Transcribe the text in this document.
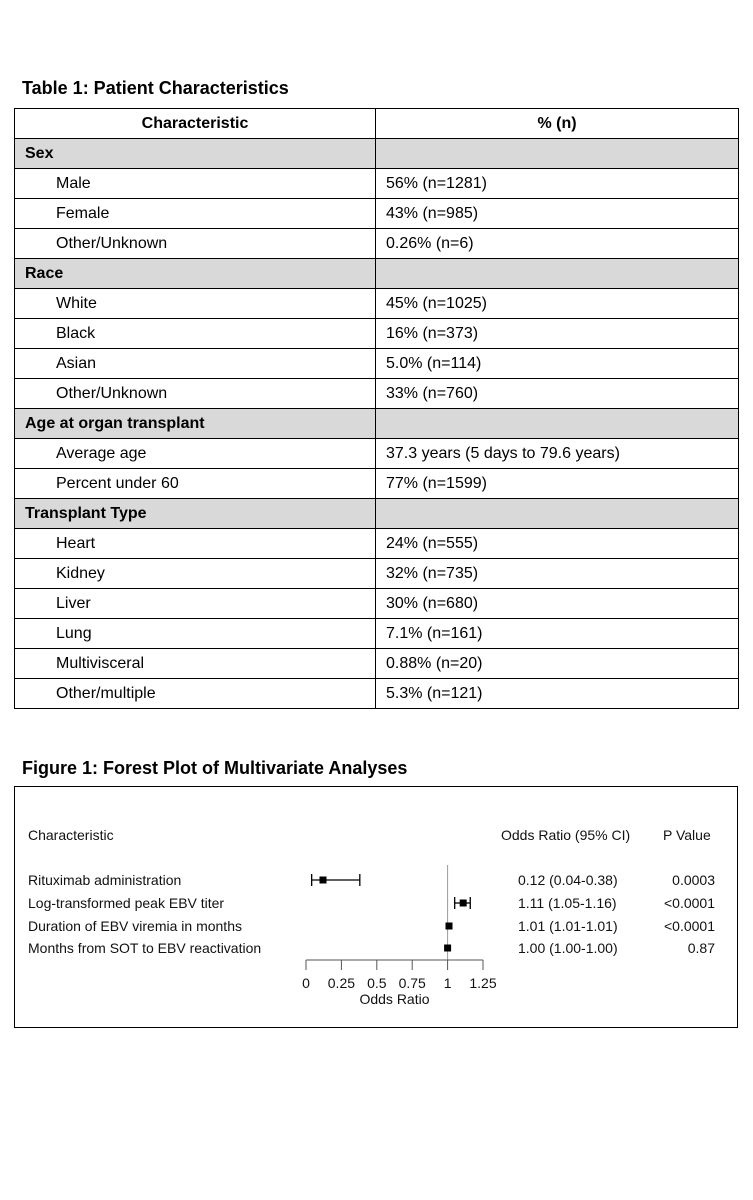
Table 1: Patient Characteristics
Characteristic	% (n)
Sex	
Male	56% (n=1281)
Female	43% (n=985)
Other/Unknown	0.26% (n=6)
Race	
White	45% (n=1025)
Black	16% (n=373)
Asian	5.0% (n=114)
Other/Unknown	33% (n=760)
Age at organ transplant	
Average age	37.3 years (5 days to 79.6 years)
Percent under 60	77% (n=1599)
Transplant Type	
Heart	24% (n=555)
Kidney	32% (n=735)
Liver	30% (n=680)
Lung	7.1% (n=161)
Multivisceral	0.88% (n=20)
Other/multiple	5.3% (n=121)
Figure 1: Forest Plot of Multivariate Analyses
Characteristic	Odds Ratio (95% CI) P Value
Rituximab administration	0.12 (0.04-0.38)	0.0003
Log-transformed peak EBV titer	1.11 (1.05-1.16)	<0.0001
Duration of EBV viremia in months	1.01 (1.01-1.01)	<0.0001
Months from SOT to EBV reactivation	1.00 (1.00-1.00)	0.87
0 0.25 0.5 0.75 1 1.25
Odds Ratio
